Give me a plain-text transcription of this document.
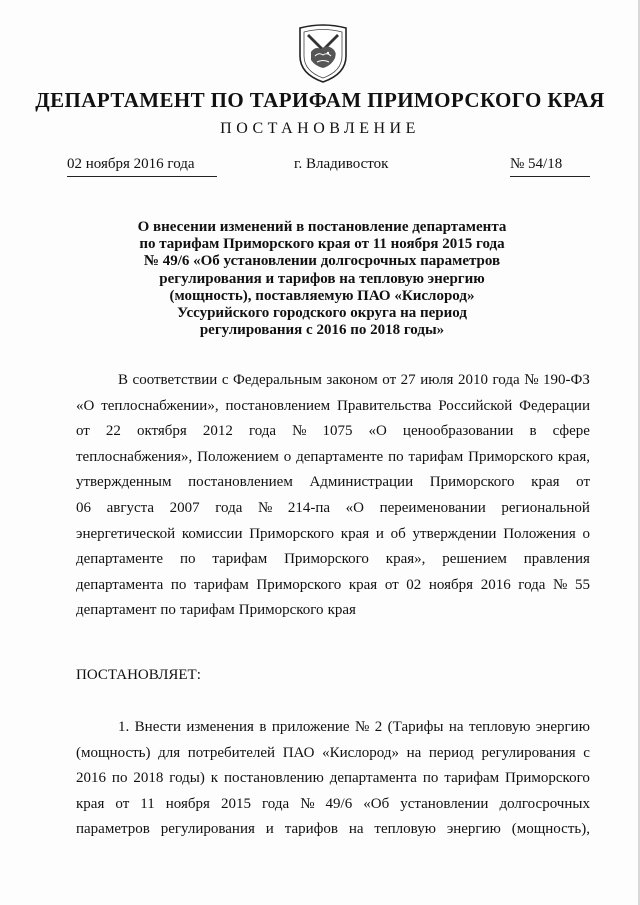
ДЕПАРТАМЕНТ ПО ТАРИФАМ ПРИМОРСКОГО КРАЯ
ПОСТАНОВЛЕНИЕ
02 ноября 2016 года	г. Владивосток	№ 54/18
О внесении изменений в постановление департамента
по тарифам Приморского края от 11 ноября 2015 года
№ 49/6 «Об установлении долгосрочных параметров
регулирования и тарифов на тепловую энергию
(мощность), поставляемую ПАО «Кислород»
Уссурийского городского округа на период
регулирования с 2016 по 2018 годы»
В соответствии с Федеральным законом от 27 июля 2010 года № 190-ФЗ
«О теплоснабжении», постановлением Правительства Российской Федерации
от 22 октября 2012 года № 1075 «О ценообразовании в сфере
теплоснабжения», Положением о департаменте по тарифам Приморского края,
утвержденным постановлением Администрации Приморского края от
06 августа 2007 года № 214-па «О переименовании региональной
энергетической комиссии Приморского края и об утверждении Положения о
департаменте по тарифам Приморского края», решением правления
департамента по тарифам Приморского края от 02 ноября 2016 года № 55
департамент по тарифам Приморского края
ПОСТАНОВЛЯЕТ:
1. Внести изменения в приложение № 2 (Тарифы на тепловую энергию
(мощность) для потребителей ПАО «Кислород» на период регулирования с
2016 по 2018 годы) к постановлению департамента по тарифам Приморского
края от 11 ноября 2015 года № 49/6 «Об установлении долгосрочных
параметров регулирования и тарифов на тепловую энергию (мощность),
